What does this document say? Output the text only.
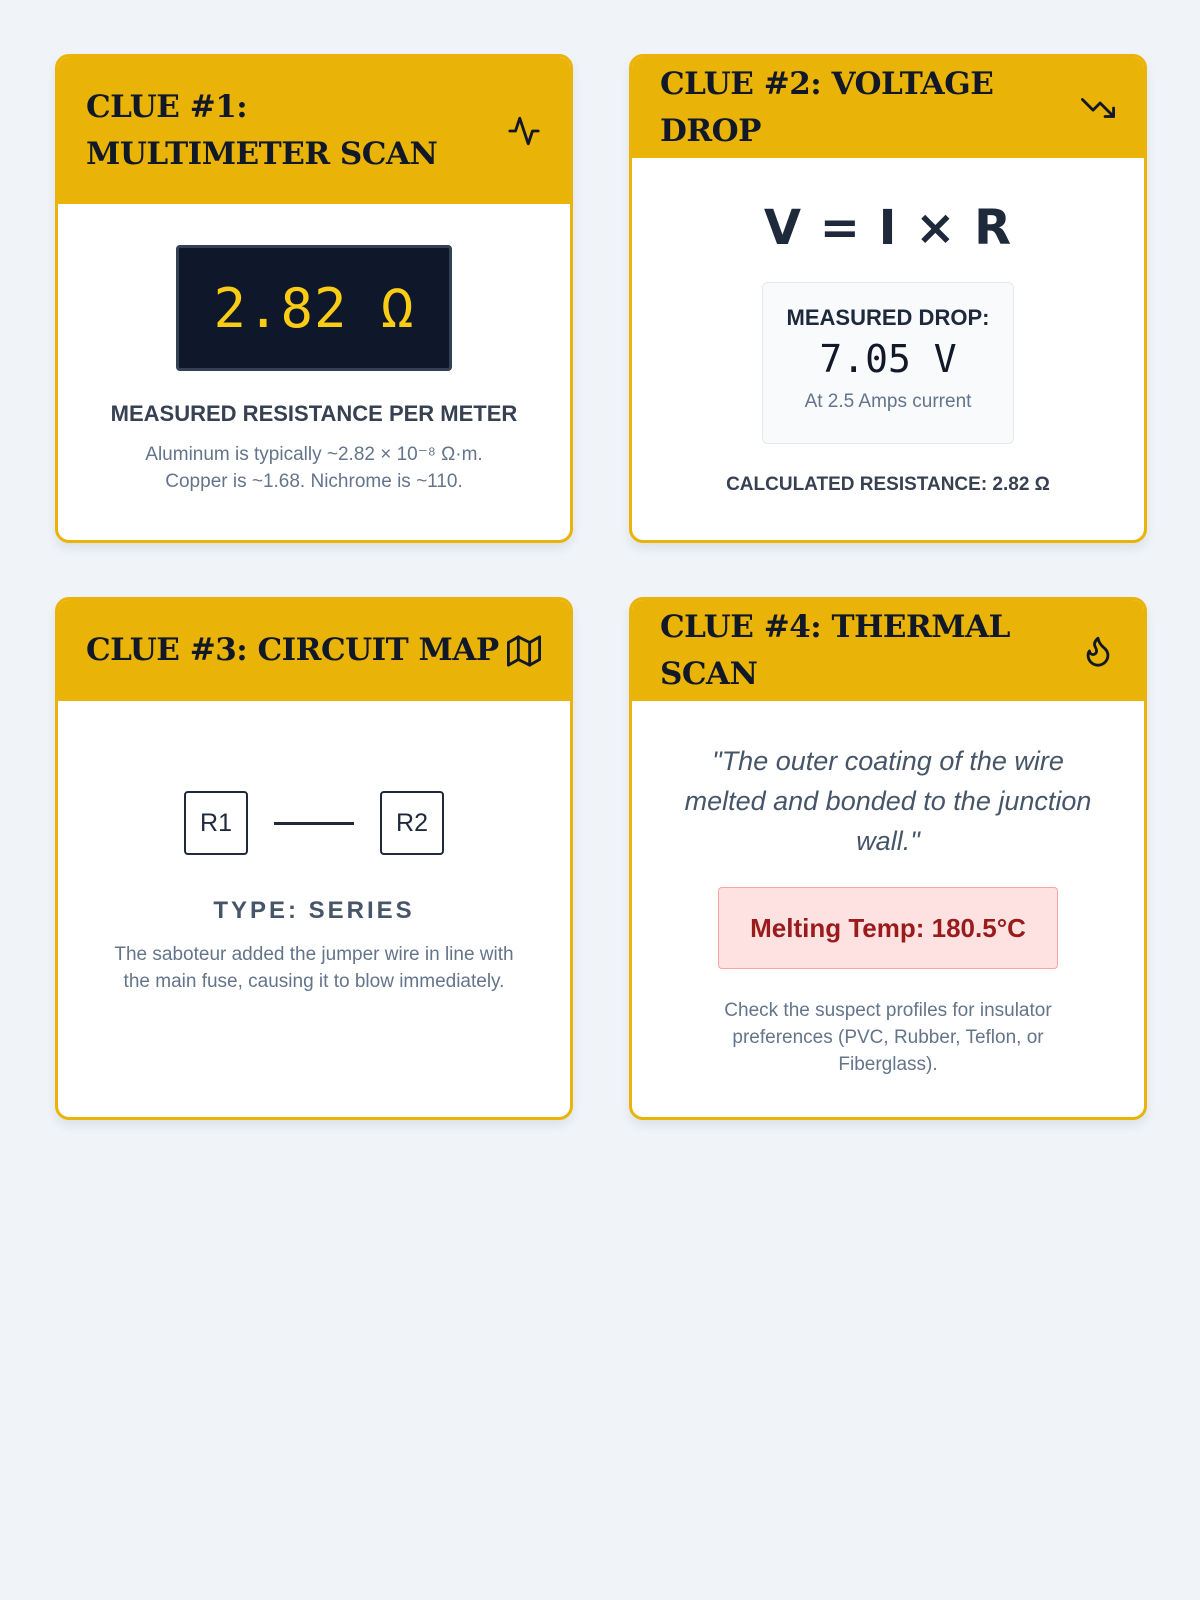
CLUE #1: MULTIMETER SCAN
2.82 Ω
MEASURED RESISTANCE PER METER
Aluminum is typically ~2.82 × 10⁻⁸ Ω·m.
Copper is ~1.68. Nichrome is ~110.
CLUE #2: VOLTAGE DROP
V = I × R
MEASURED DROP:
7.05 V
At 2.5 Amps current
CALCULATED RESISTANCE: 2.82 Ω
CLUE #3: CIRCUIT MAP
R1	R2
TYPE: SERIES
The saboteur added the jumper wire in line with the main fuse, causing it to blow immediately.
CLUE #4: THERMAL SCAN
"The outer coating of the wire melted and bonded to the junction wall."
Melting Temp: 180.5°C
Check the suspect profiles for insulator preferences (PVC, Rubber, Teflon, or Fiberglass).
